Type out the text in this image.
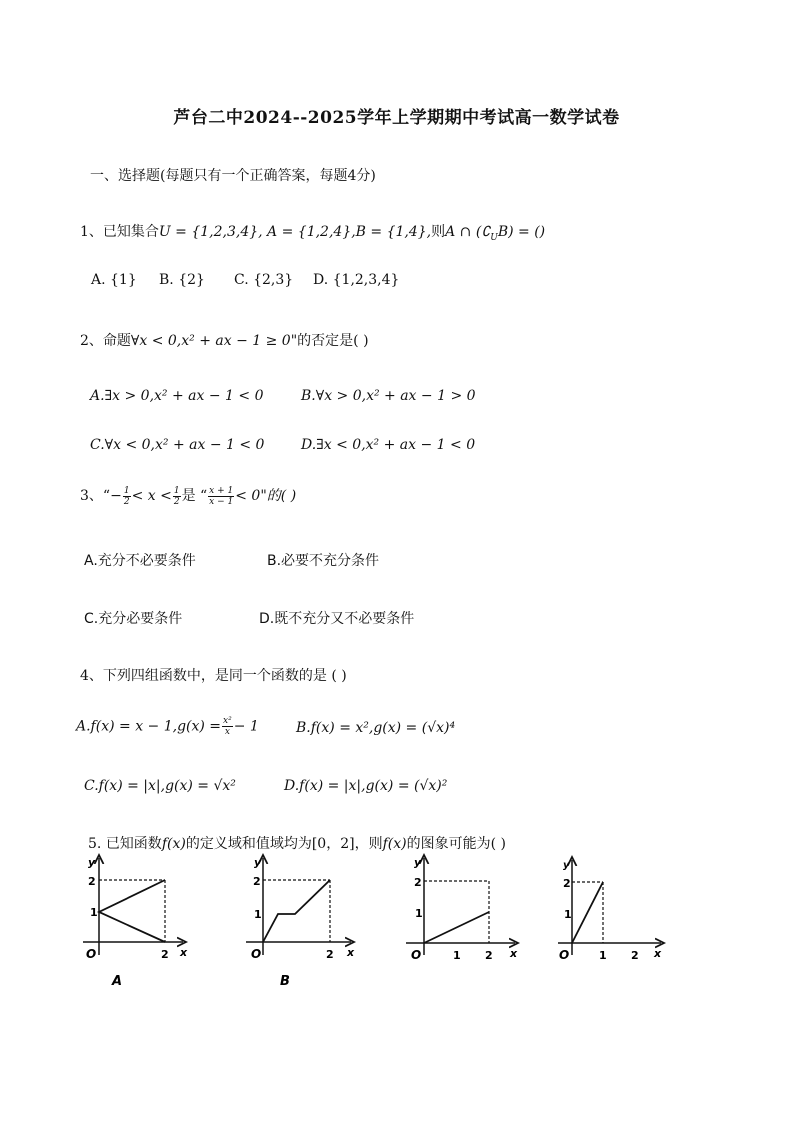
芦台二中2024--2025学年上学期期中考试高一数学试卷
一、选择题(每题只有一个正确答案，每题4分)
1、已知集合U = {1,2,3,4}, A = {1,2,4},B = {1,4},则A ∩ $(∁_UB)$ = ()
A. {1} B. {2} C. {2,3} D. {1,2,3,4}
2、命题∀x < 0,x² + ax − 1 ≥ 0"的否定是( )
A.∃x > 0,x² + ax − 1 < 0	B.∀x > 0,x² + ax − 1 > 0
C.∀x < 0,x² + ax − 1 < 0	D.∃x < 0,x² + ax − 1 < 0
3、“− $\frac{1}{2} < x < \frac{1}{2}$ 是 “ $\frac{x + 1}{x - 1} < 0$"的( )
A.充分不必要条件	B.必要不充分条件
C.充分必要条件	D.既不充分又不必要条件
4、下列四组函数中，是同一个函数的是 ( )
$A.f(x) = x - 1,g(x) = \frac{\text{x²}}{x} - 1$	B.f(x) = x²,g(x) = (√x)⁴
C.f(x) = |x|,g(x) = √x²	D.f(x) = |x|,g(x) = (√x)²
5. 已知函数f(x)的定义域和值域均为[0，2]，则f(x)的图象可能为( )
y
2
1
O	2 x
A
y
2
1
O	2 x
B
y
2
1
O	1 2 x
y
2
1
O	1 2 x
